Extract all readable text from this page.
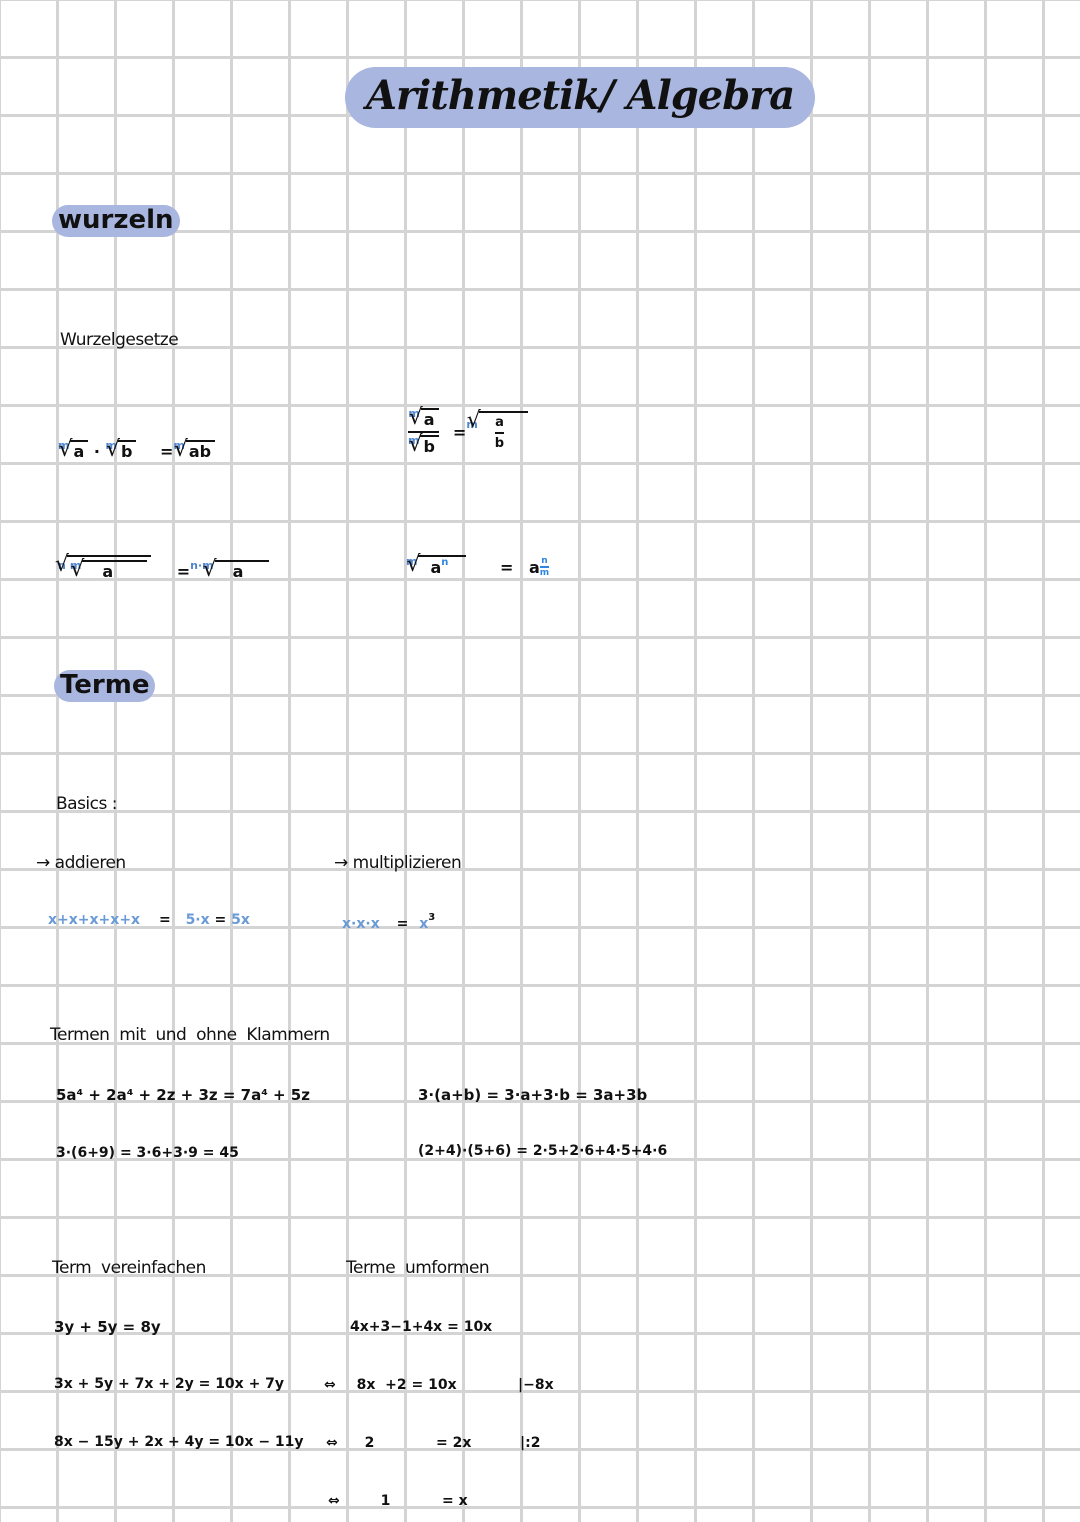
Arithmetik/ Algebra
wurzeln
Wurzelgesetze
$^m$ √ a · $^m$ √ b =$^m$ √ ab	$\frac{^m √ a}{^m √ b} = m$ √ $\frac{a}{b}$
$^n$ √ $^m$ √ a	=$^{n\cdot m}$ √ a
$^m$ √ $a^n$	= a $\frac{n}{m}$
Terme
Basics :
→ addieren	→ multiplizieren
x+x+x+x+x = 5·x = 5x	$x\cdot x\cdot x = x^3$
Termen  mit  und  ohne  Klammern
5a⁴ + 2a⁴ + 2z + 3z = 7a⁴ + 5z
3·(6+9) = 3·6+3·9 = 45
3·(a+b) = 3·a+3·b = 3a+3b
(2+4)·(5+6) = 2·5+2·6+4·5+4·6
Term  vereinfachen
3y + 5y = 8y
3x + 5y + 7x + 2y = 10x + 7y
8x − 15y + 2x + 4y = 10x − 11y
Terme  umformen
4x+3−1+4x = 10x
⇔ 8x  +2 = 10x	|−8x
⇔ 2	= 2x	|:2
⇔	1	= x
